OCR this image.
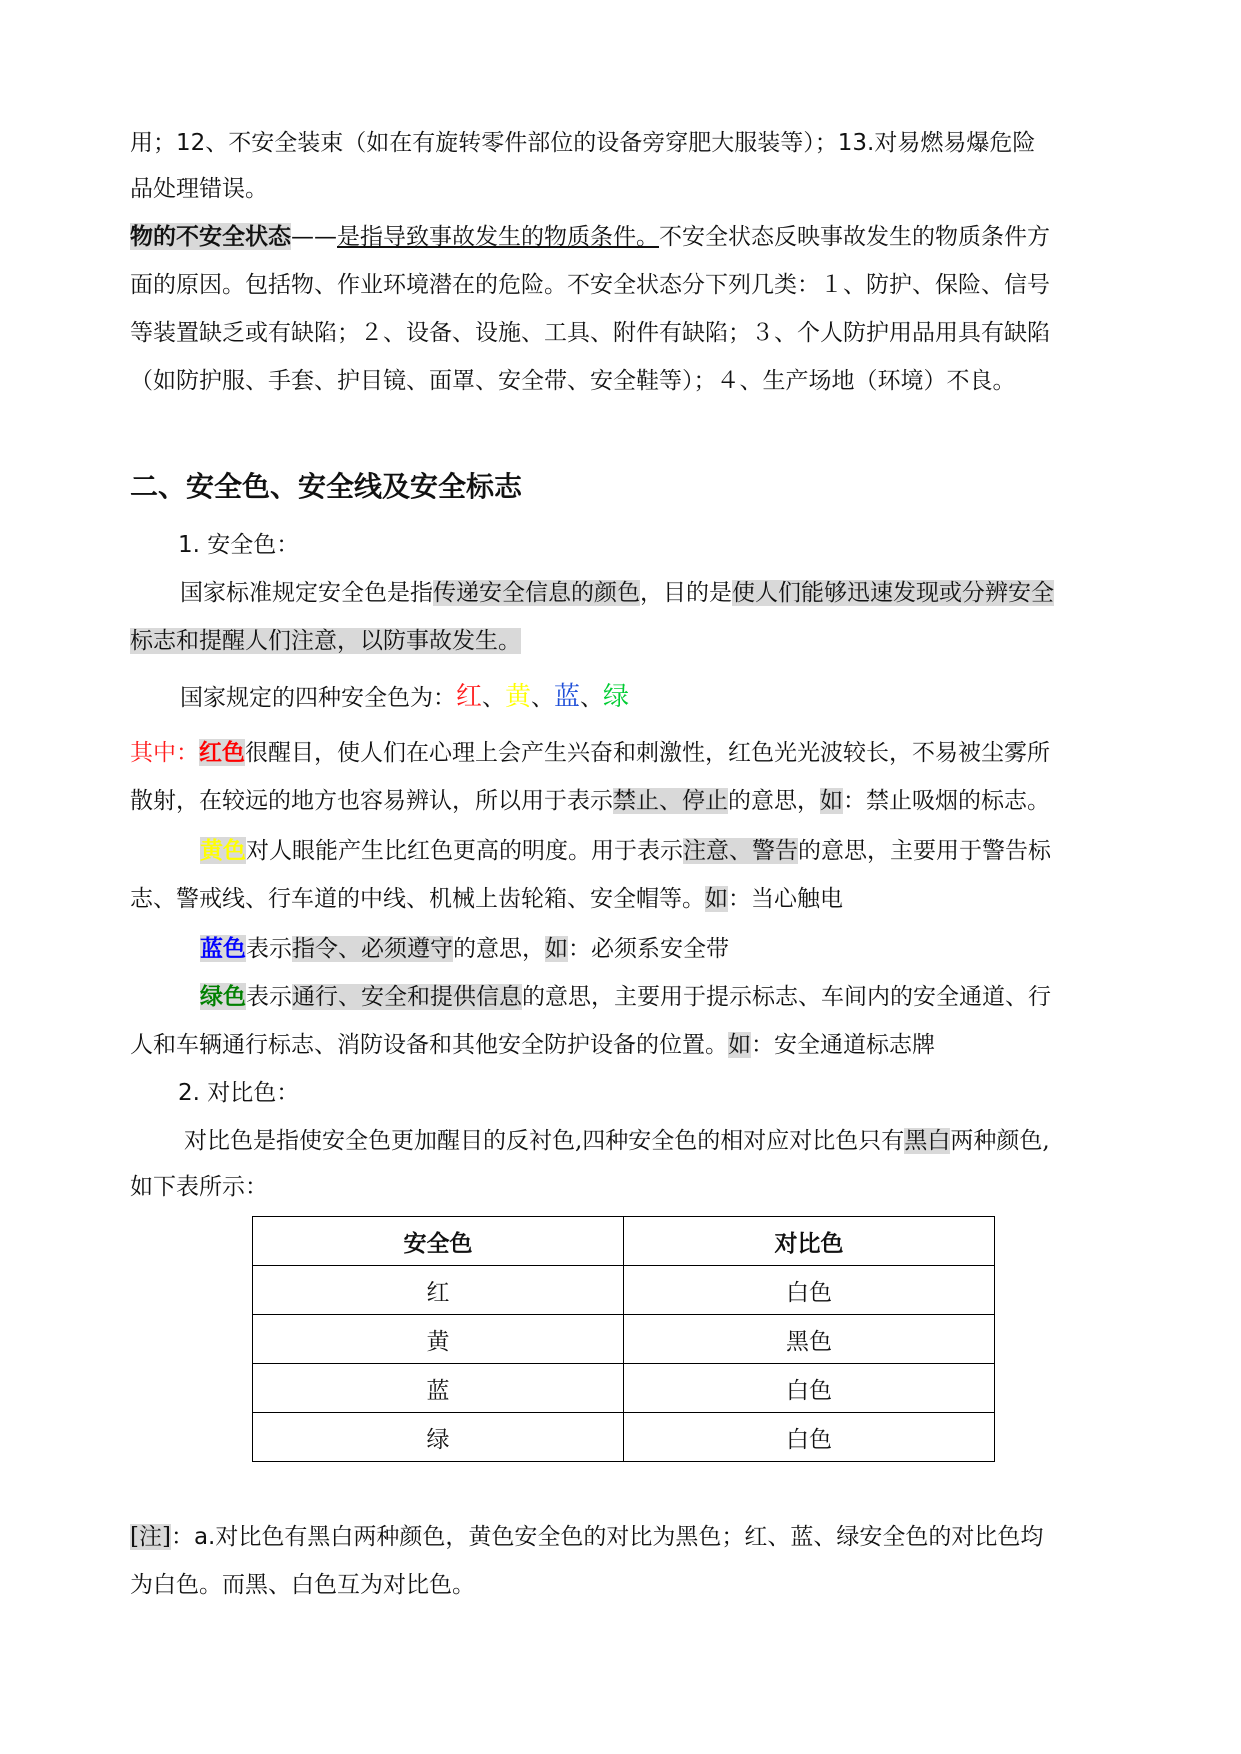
用；12、不安全装束（如在有旋转零件部位的设备旁穿肥大服装等）；13.对易燃易爆危险
品处理错误。
物的不安全状态——是指导致事故发生的物质条件。不安全状态反映事故发生的物质条件方
面的原因。包括物、作业环境潜在的危险。不安全状态分下列几类：１、防护、保险、信号
等装置缺乏或有缺陷；２、设备、设施、工具、附件有缺陷；３、个人防护用品用具有缺陷
（如防护服、手套、护目镜、面罩、安全带、安全鞋等）；４、生产场地（环境）不良。
二、安全色、安全线及安全标志
1. 安全色：
国家标准规定安全色是指传递安全信息的颜色，目的是使人们能够迅速发现或分辨安全
标志和提醒人们注意，以防事故发生。
国家规定的四种安全色为：红、黄、蓝、绿
其中：红色很醒目，使人们在心理上会产生兴奋和刺激性，红色光光波较长，不易被尘雾所
散射，在较远的地方也容易辨认，所以用于表示禁止、停止的意思，如：禁止吸烟的标志。
黄色对人眼能产生比红色更高的明度。用于表示注意、警告的意思，主要用于警告标
志、警戒线、行车道的中线、机械上齿轮箱、安全帽等。如：当心触电
蓝色表示指令、必须遵守的意思，如：必须系安全带
绿色表示通行、安全和提供信息的意思，主要用于提示标志、车间内的安全通道、行
人和车辆通行标志、消防设备和其他安全防护设备的位置。如：安全通道标志牌
2. 对比色：
对比色是指使安全色更加醒目的反衬色,四种安全色的相对应对比色只有黑白两种颜色,
如下表所示：
安全色	对比色
红	白色
黄	黑色
蓝	白色
绿	白色
[注]：a.对比色有黑白两种颜色，黄色安全色的对比为黑色；红、蓝、绿安全色的对比色均
为白色。而黑、白色互为对比色。
